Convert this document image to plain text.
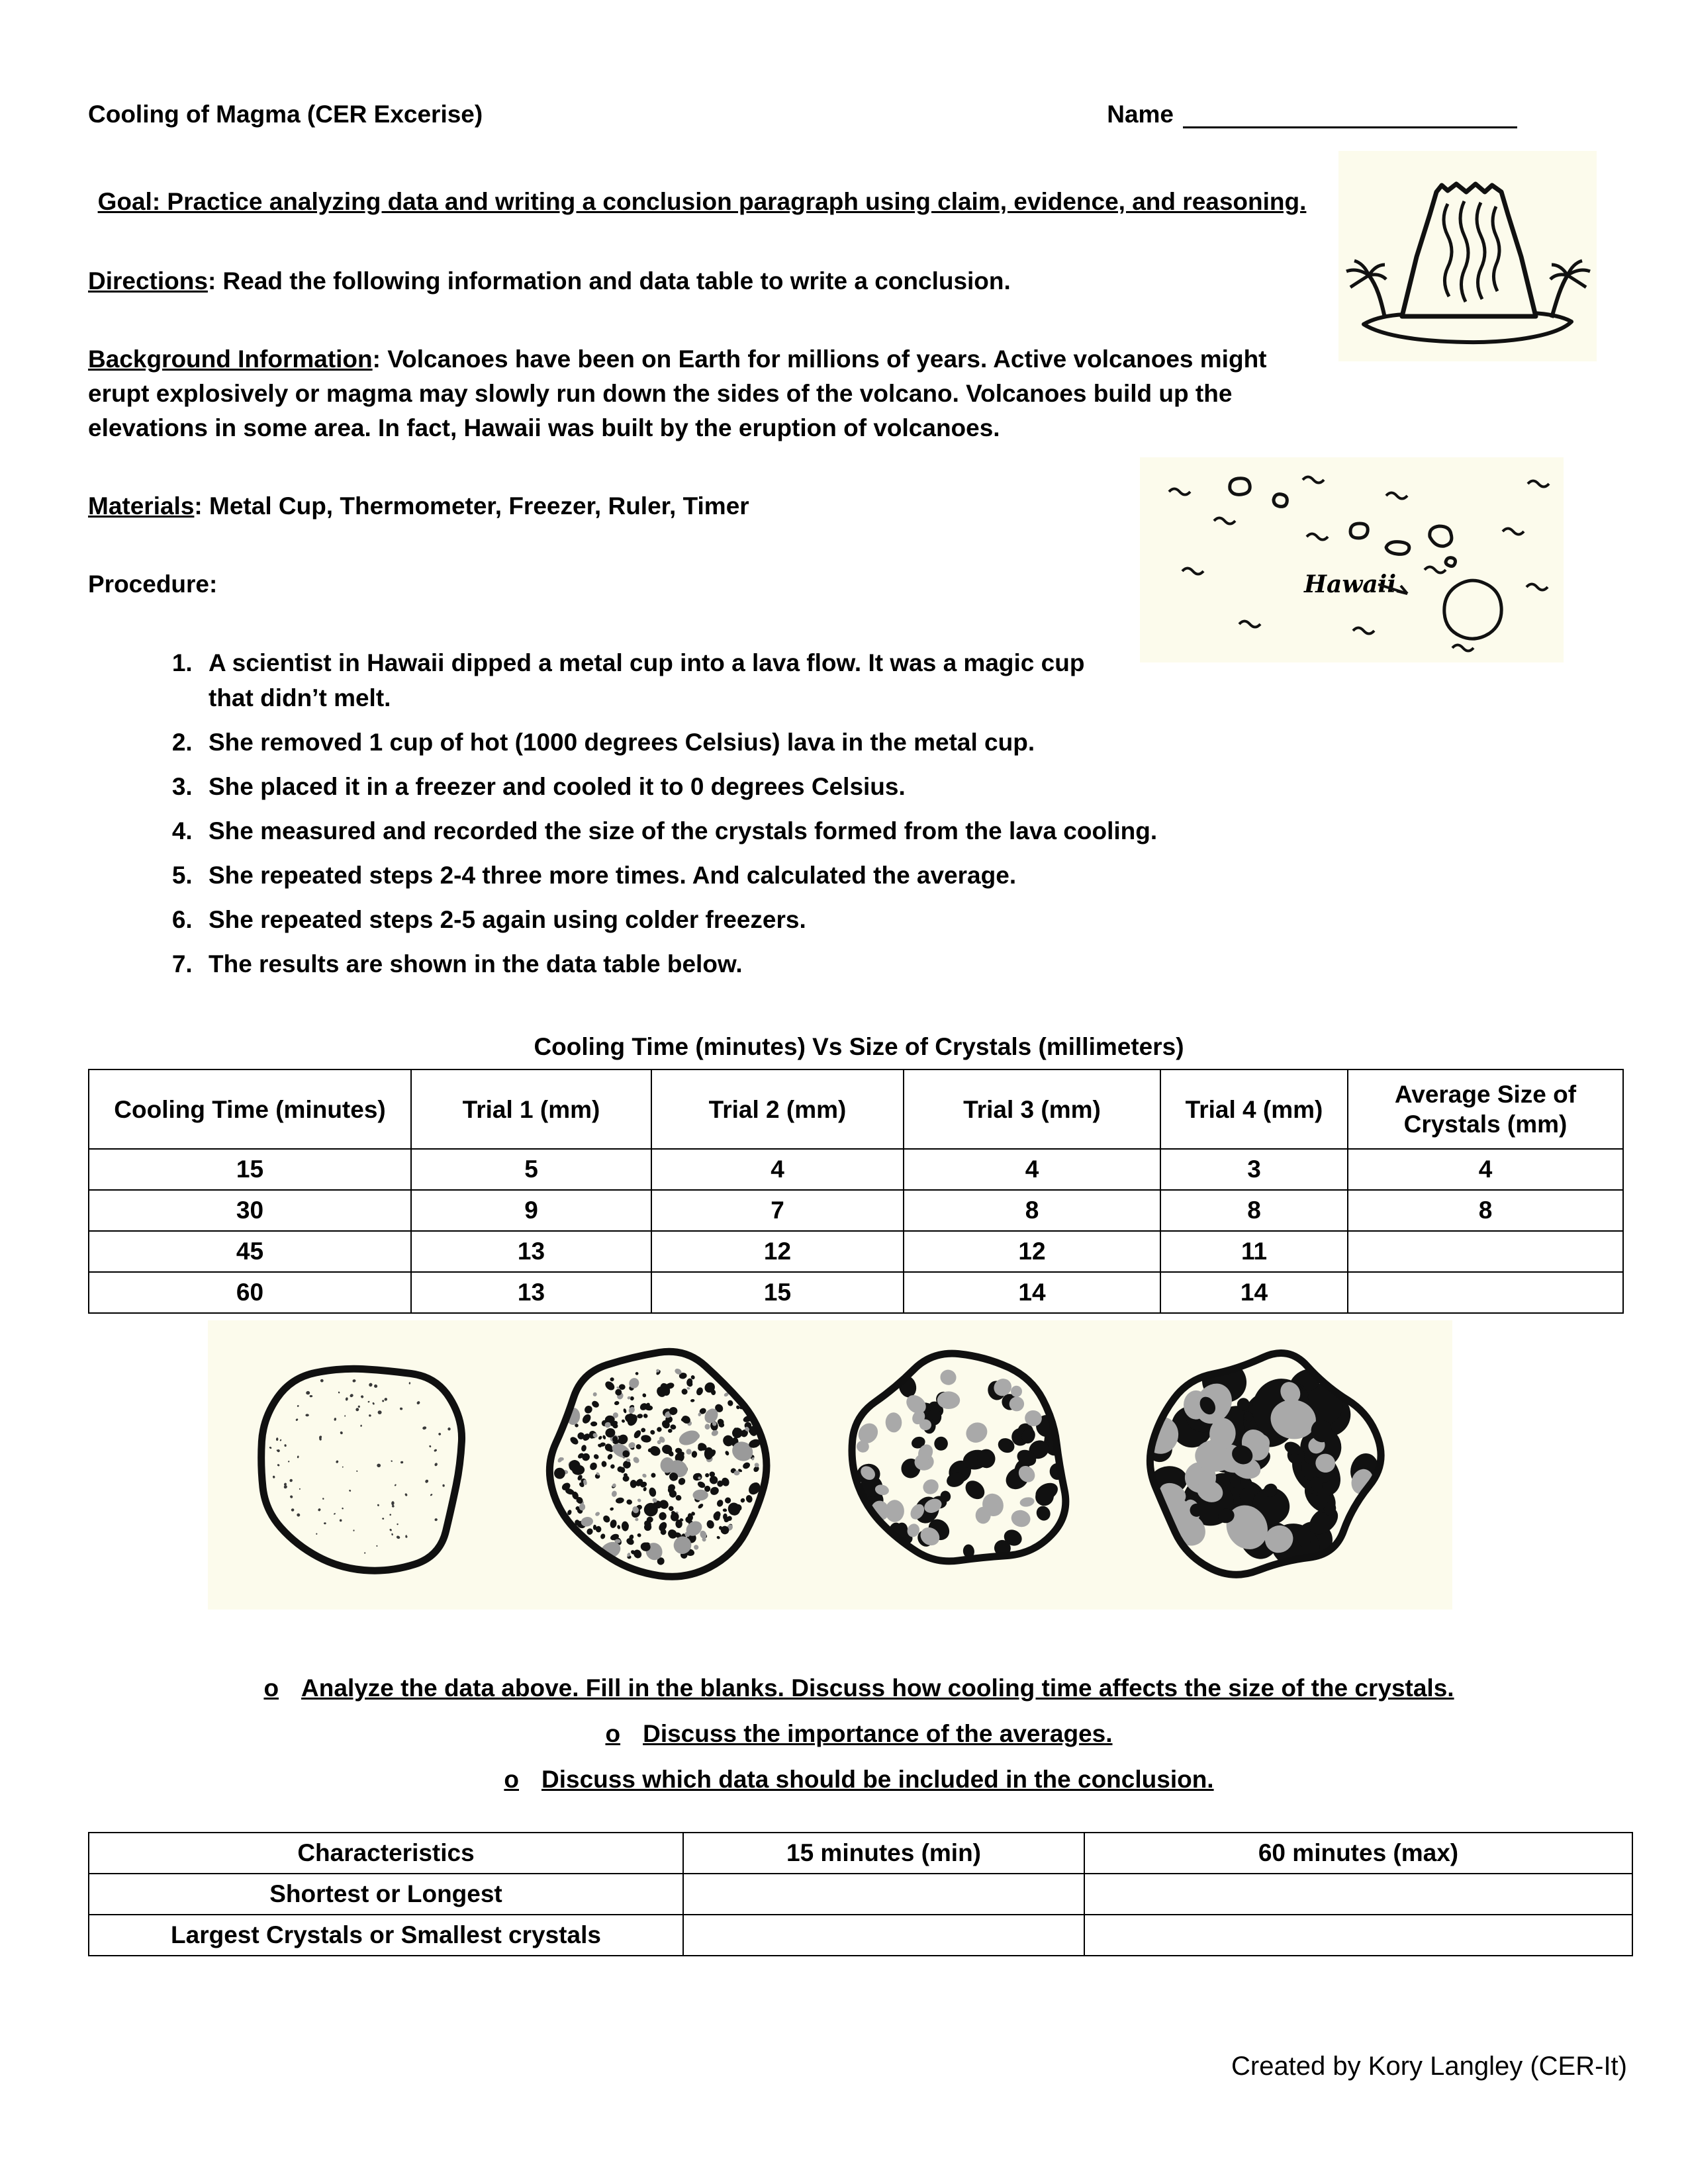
Cooling of Magma (CER Excerise)	Name
Goal: Practice analyzing data and writing a conclusion paragraph using claim, evidence, and reasoning.
Directions: Read the following information and data table to write a conclusion.
Background Information: Volcanoes have been on Earth for millions of years. Active volcanoes might erupt explosively or magma may slowly run down the sides of the volcano. Volcanoes build up the elevations in some area. In fact, Hawaii was built by the eruption of volcanoes.
Hawaii
Materials: Metal Cup, Thermometer, Freezer, Ruler, Timer
Procedure:
1. A scientist in Hawaii dipped a metal cup into a lava flow. It was a magic cup that didn’t melt.
2. She removed 1 cup of hot (1000 degrees Celsius) lava in the metal cup.
3. She placed it in a freezer and cooled it to 0 degrees Celsius.
4. She measured and recorded the size of the crystals formed from the lava cooling.
5. She repeated steps 2-4 three more times. And calculated the average.
6. She repeated steps 2-5 again using colder freezers.
7. The results are shown in the data table below.
Cooling Time (minutes) Vs Size of Crystals (millimeters)
Cooling Time (minutes)	Trial 1 (mm)	Trial 2 (mm)	Trial 3 (mm)	Trial 4 (mm)	Average Size of Crystals (mm)
15	5	4	4	3	4
30	9	7	8	8	8
45	13	12	12	11	
60	13	15	14	14	
o Analyze the data above. Fill in the blanks. Discuss how cooling time affects the size of the crystals.
o Discuss the importance of the averages.
o Discuss which data should be included in the conclusion.
Characteristics	15 minutes (min)	60 minutes (max)
Shortest or Longest		
Largest Crystals or Smallest crystals		
Created by Kory Langley (CER-It)
